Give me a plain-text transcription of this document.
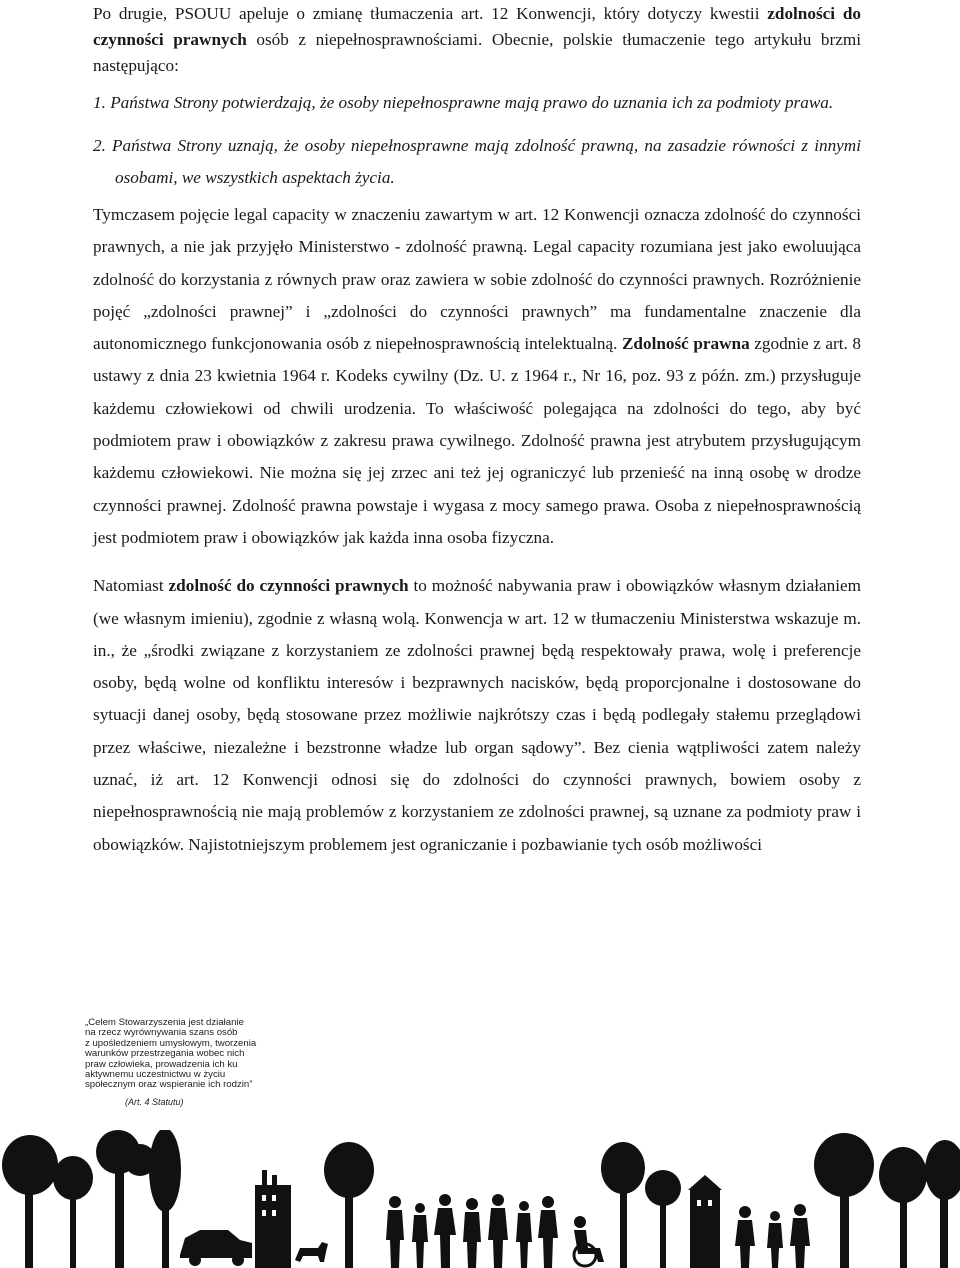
Po drugie, PSOUU apeluje o zmianę tłumaczenia art. 12 Konwencji, który dotyczy kwestii zdolności do czynności prawnych osób z niepełnosprawnościami. Obecnie, polskie tłumaczenie tego artykułu brzmi następująco:

1. Państwa Strony potwierdzają, że osoby niepełnosprawne mają prawo do uznania ich za podmioty prawa.
2. Państwa Strony uznają, że osoby niepełnosprawne mają zdolność prawną, na zasadzie równości z innymi osobami, we wszystkich aspektach życia.

Tymczasem pojęcie legal capacity w znaczeniu zawartym w art. 12 Konwencji oznacza zdolność do czynności prawnych, a nie jak przyjęło Ministerstwo - zdolność prawną. Legal capacity rozumiana jest jako ewoluująca zdolność do korzystania z równych praw oraz zawiera w sobie zdolność do czynności prawnych. Rozróżnienie pojęć „zdolności prawnej” i „zdolności do czynności prawnych” ma fundamentalne znaczenie dla autonomicznego funkcjonowania osób z niepełnosprawnością intelektualną. Zdolność prawna zgodnie z art. 8 ustawy z dnia 23 kwietnia 1964 r. Kodeks cywilny (Dz. U. z 1964 r., Nr 16, poz. 93 z późn. zm.) przysługuje każdemu człowiekowi od chwili urodzenia. To właściwość polegająca na zdolności do tego, aby być podmiotem praw i obowiązków z zakresu prawa cywilnego. Zdolność prawna jest atrybutem przysługującym każdemu człowiekowi. Nie można się jej zrzec ani też jej ograniczyć lub przenieść na inną osobę w drodze czynności prawnej. Zdolność prawna powstaje i wygasa z mocy samego prawa. Osoba z niepełnosprawnością jest podmiotem praw i obowiązków jak każda inna osoba fizyczna.

Natomiast zdolność do czynności prawnych to możność nabywania praw i obowiązków własnym działaniem (we własnym imieniu), zgodnie z własną wolą. Konwencja w art. 12 w tłumaczeniu Ministerstwa wskazuje m. in., że „środki związane z korzystaniem ze zdolności prawnej będą respektowały prawa, wolę i preferencje osoby, będą wolne od konfliktu interesów i bezprawnych nacisków, będą proporcjonalne i dostosowane do sytuacji danej osoby, będą stosowane przez możliwie najkrótszy czas i będą podlegały stałemu przeglądowi przez właściwe, niezależne i bezstronne władze lub organ sądowy”. Bez cienia wątpliwości zatem należy uznać, iż art. 12 Konwencji odnosi się do zdolności do czynności prawnych, bowiem osoby z niepełnosprawnością nie mają problemów z korzystaniem ze zdolności prawnej, są uznane za podmioty praw i obowiązków. Najistotniejszym problemem jest ograniczanie i pozbawianie tych osób możliwości

„Celem Stowarzyszenia jest działanie
na rzecz wyrównywania szans osób
z upośledzeniem umysłowym, tworzenia
warunków przestrzegania wobec nich
praw człowieka, prowadzenia ich ku
aktywnemu uczestnictwu w życiu
społecznym oraz wspieranie ich rodzin”
(Art. 4 Statutu)
